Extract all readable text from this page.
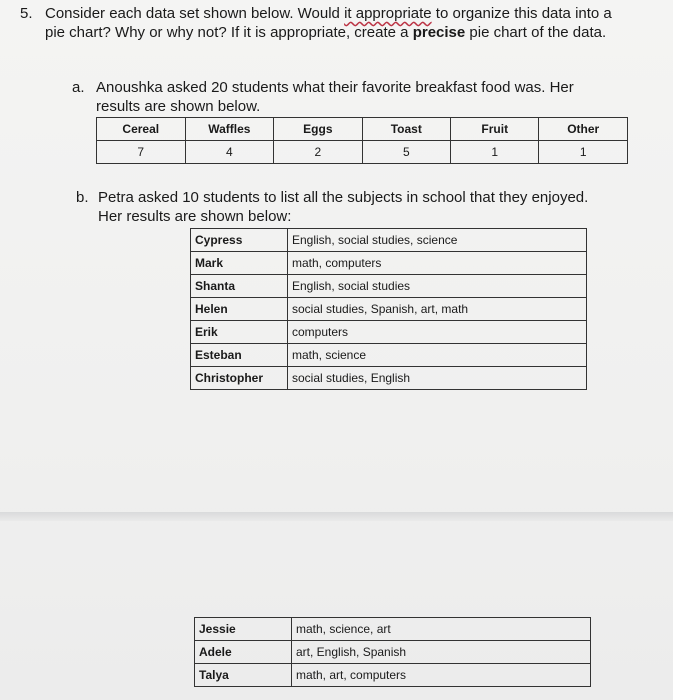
5. Consider each data set shown below. Would it appropriate to organize this data into a pie chart? Why or why not? If it is appropriate, create a precise pie chart of the data.
a. Anoushka asked 20 students what their favorite breakfast food was. Her
results are shown below.
Cereal	Waffles	Eggs	Toast	Fruit	Other
7	4	2	5	1	1
b. Petra asked 10 students to list all the subjects in school that they enjoyed.
Her results are shown below:
Cypress	English, social studies, science
Mark	math, computers
Shanta	English, social studies
Helen	social studies, Spanish, art, math
Erik	computers
Esteban	math, science
Christopher	social studies, English
Jessie	math, science, art
Adele	art, English, Spanish
Talya	math, art, computers
